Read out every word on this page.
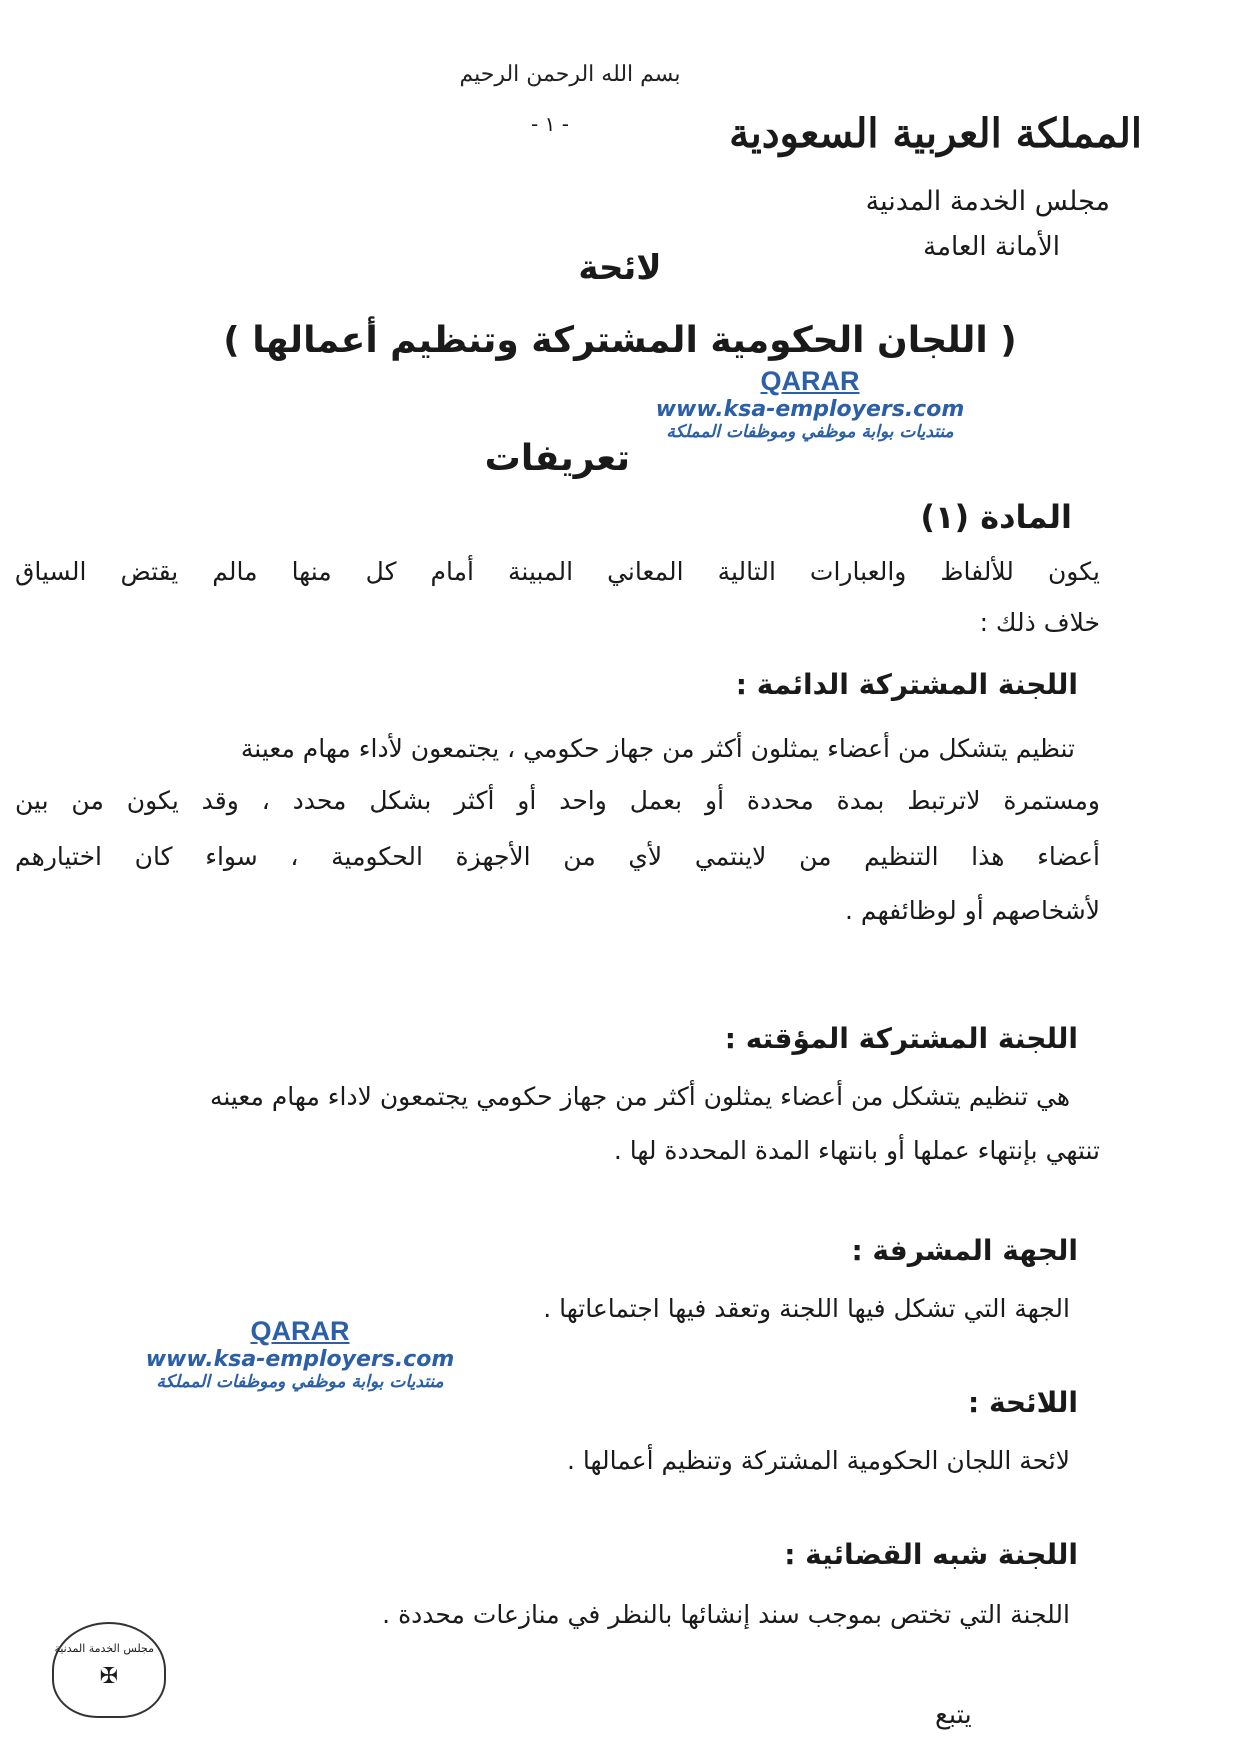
بسم الله الرحمن الرحيم
- ١ -	المملكة العربية السعودية
مجلس الخدمة المدنية
الأمانة العامة
لائحة
( اللجان الحكومية المشتركة وتنظيم أعمالها )
QARAR
www.ksa-employers.com
منتديات بوابة موظفي وموظفات المملكة
تعريفات
المادة (١)
يكون للألفاظ والعبارات التالية المعاني المبينة أمام كل منها مالم يقتض السياق
خلاف ذلك :
اللجنة المشتركة الدائمة :
تنظيم يتشكل من أعضاء يمثلون أكثر من جهاز حكومي ، يجتمعون لأداء مهام معينة
ومستمرة لاترتبط بمدة محددة أو بعمل واحد أو أكثر بشكل محدد ، وقد يكون من بين
أعضاء هذا التنظيم من لاينتمي لأي من الأجهزة الحكومية ، سواء كان اختيارهم
لأشخاصهم أو لوظائفهم .
اللجنة المشتركة المؤقته :
هي تنظيم يتشكل من أعضاء يمثلون أكثر من جهاز حكومي يجتمعون لاداء مهام معينه
تنتهي بإنتهاء عملها أو بانتهاء المدة المحددة لها .
الجهة المشرفة :
الجهة التي تشكل فيها اللجنة وتعقد فيها اجتماعاتها .
QARAR
www.ksa-employers.com
منتديات بوابة موظفي وموظفات المملكة
اللائحة :
لائحة اللجان الحكومية المشتركة وتنظيم أعمالها .
اللجنة شبه القضائية :
اللجنة التي تختص بموجب سند إنشائها بالنظر في منازعات محددة .
مجلس الخدمة المدنية
✠
يتبع
